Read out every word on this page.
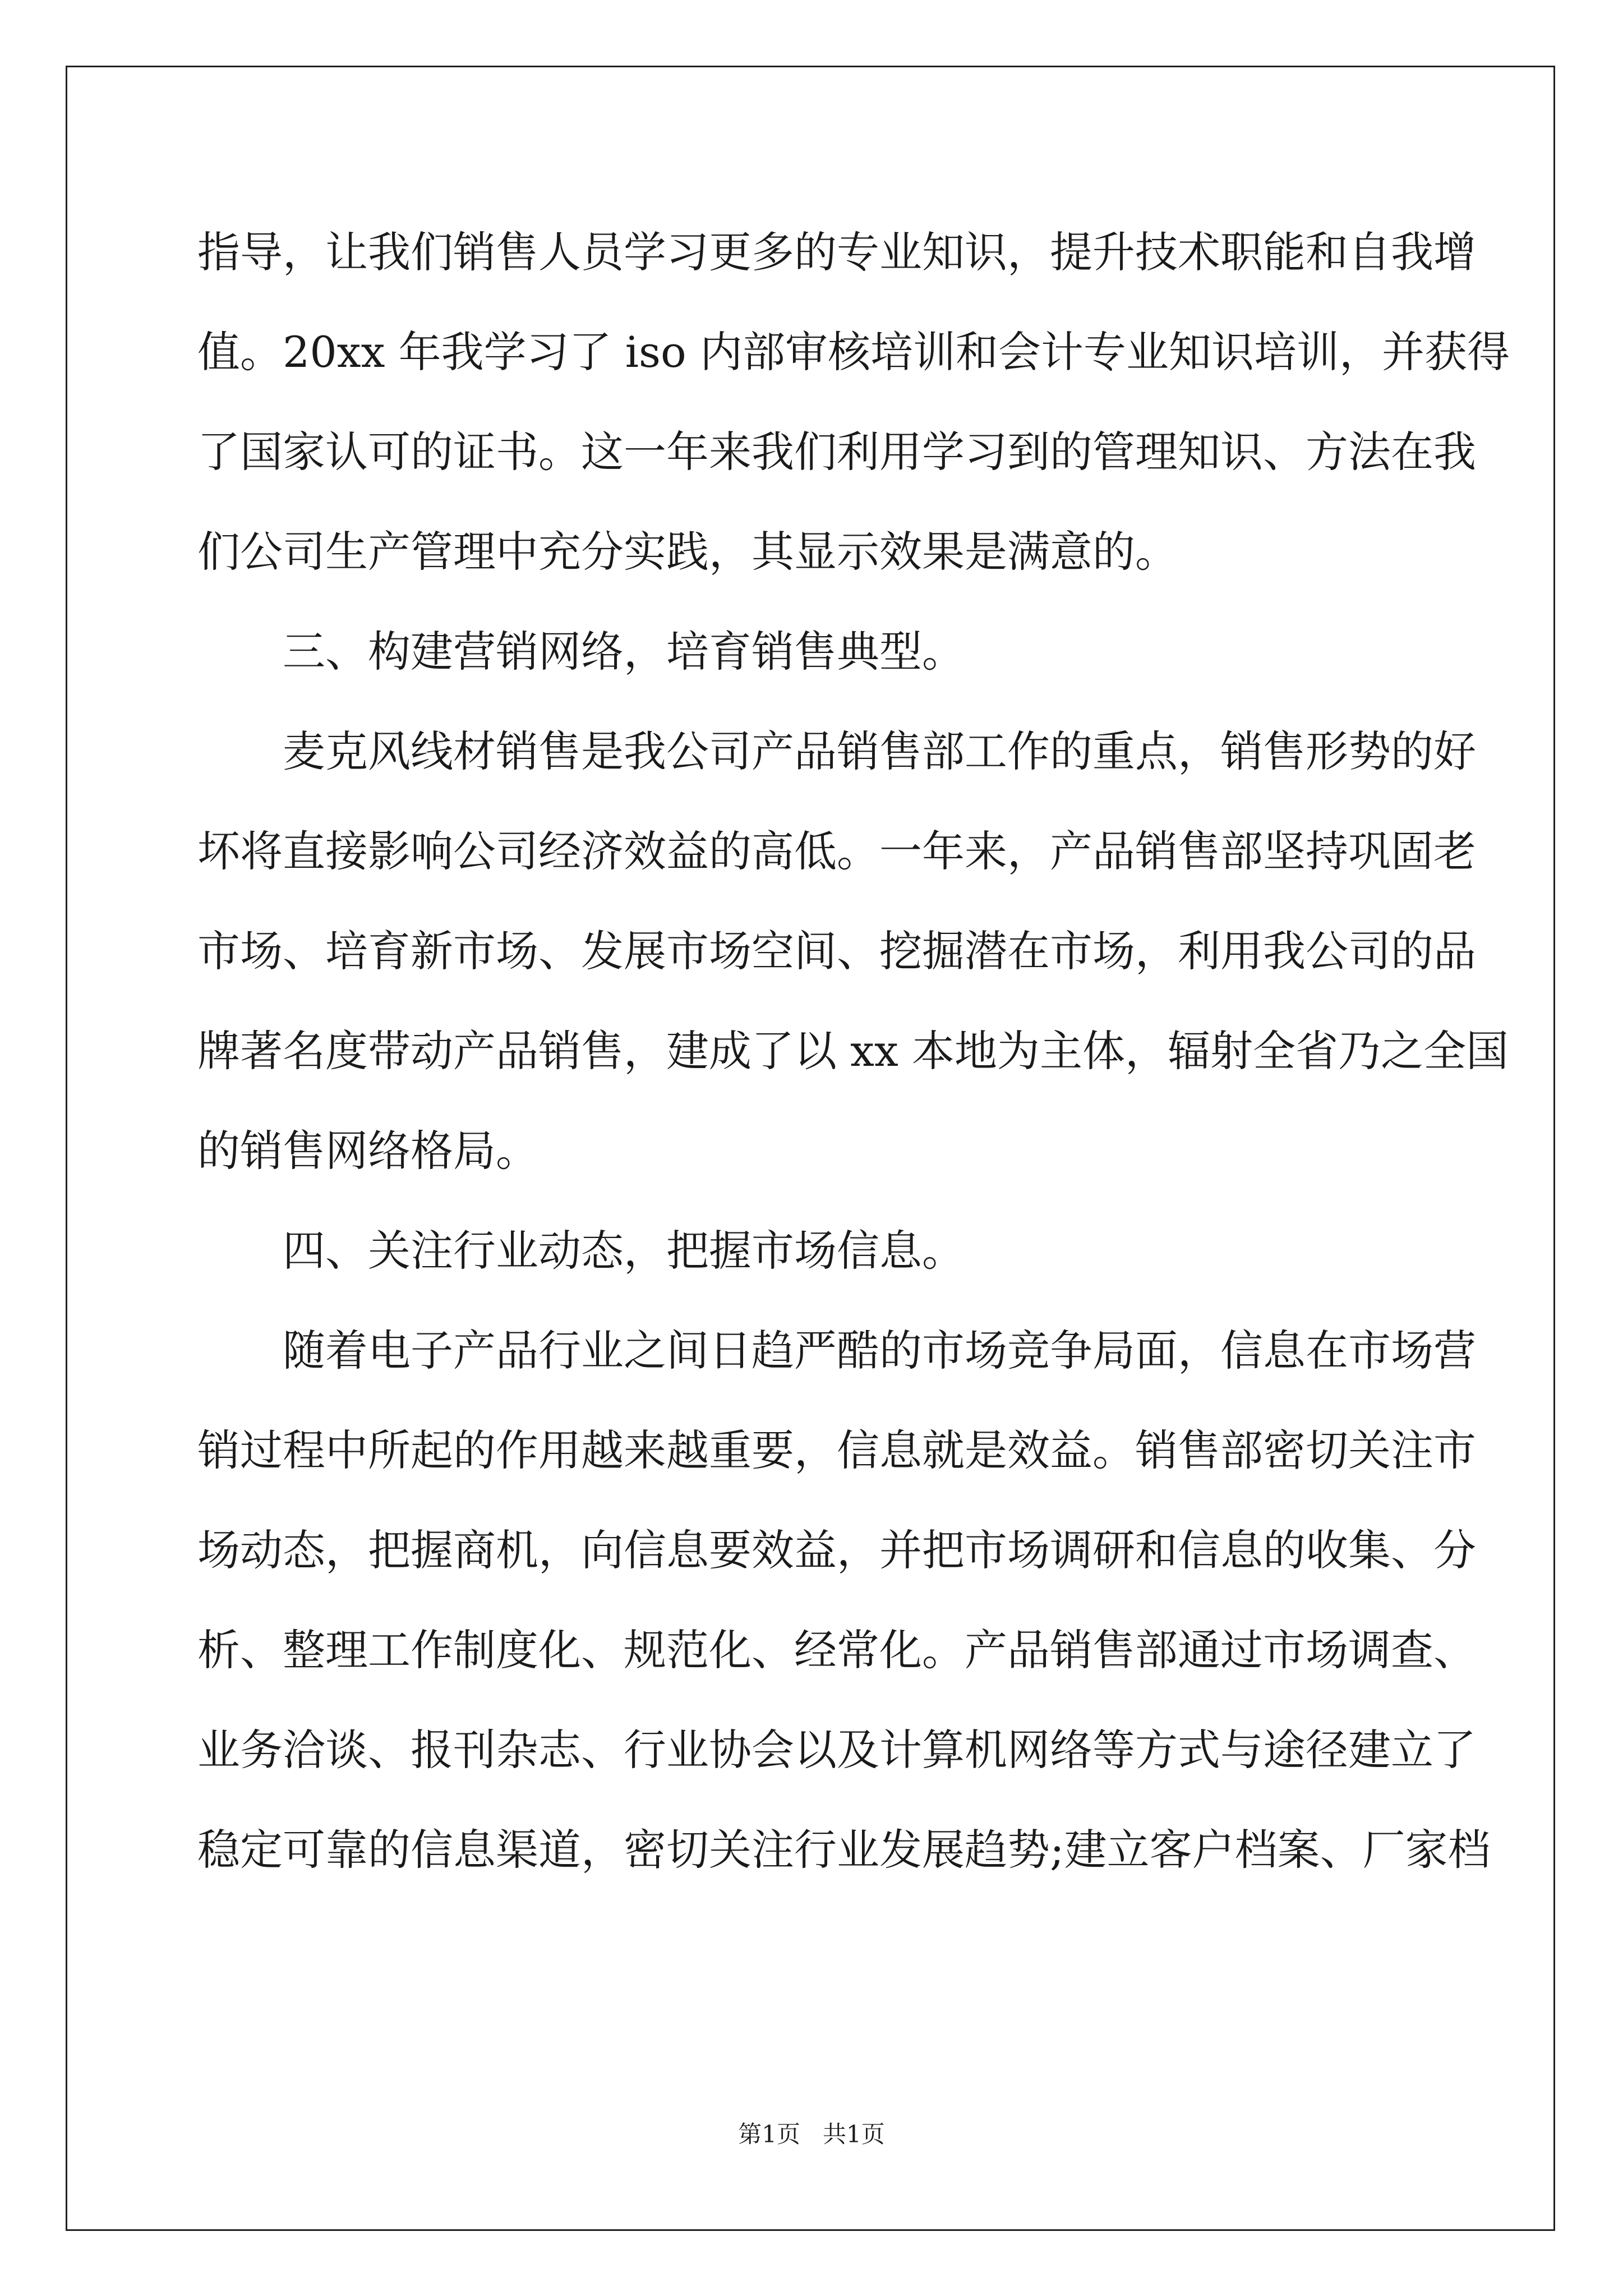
指导，让我们销售人员学习更多的专业知识，提升技术职能和自我增
值。20xx 年我学习了 iso 内部审核培训和会计专业知识培训，并获得
了国家认可的证书。这一年来我们利用学习到的管理知识、方法在我
们公司生产管理中充分实践，其显示效果是满意的。
三、构建营销网络，培育销售典型。
麦克风线材销售是我公司产品销售部工作的重点，销售形势的好
坏将直接影响公司经济效益的高低。一年来，产品销售部坚持巩固老
市场、培育新市场、发展市场空间、挖掘潜在市场，利用我公司的品
牌著名度带动产品销售，建成了以 xx 本地为主体，辐射全省乃之全国
的销售网络格局。
四、关注行业动态，把握市场信息。
随着电子产品行业之间日趋严酷的市场竞争局面，信息在市场营
销过程中所起的作用越来越重要，信息就是效益。销售部密切关注市
场动态，把握商机，向信息要效益，并把市场调研和信息的收集、分
析、整理工作制度化、规范化、经常化。产品销售部通过市场调查、
业务洽谈、报刊杂志、行业协会以及计算机网络等方式与途径建立了
稳定可靠的信息渠道，密切关注行业发展趋势;建立客户档案、厂家档
第1页   共1页
